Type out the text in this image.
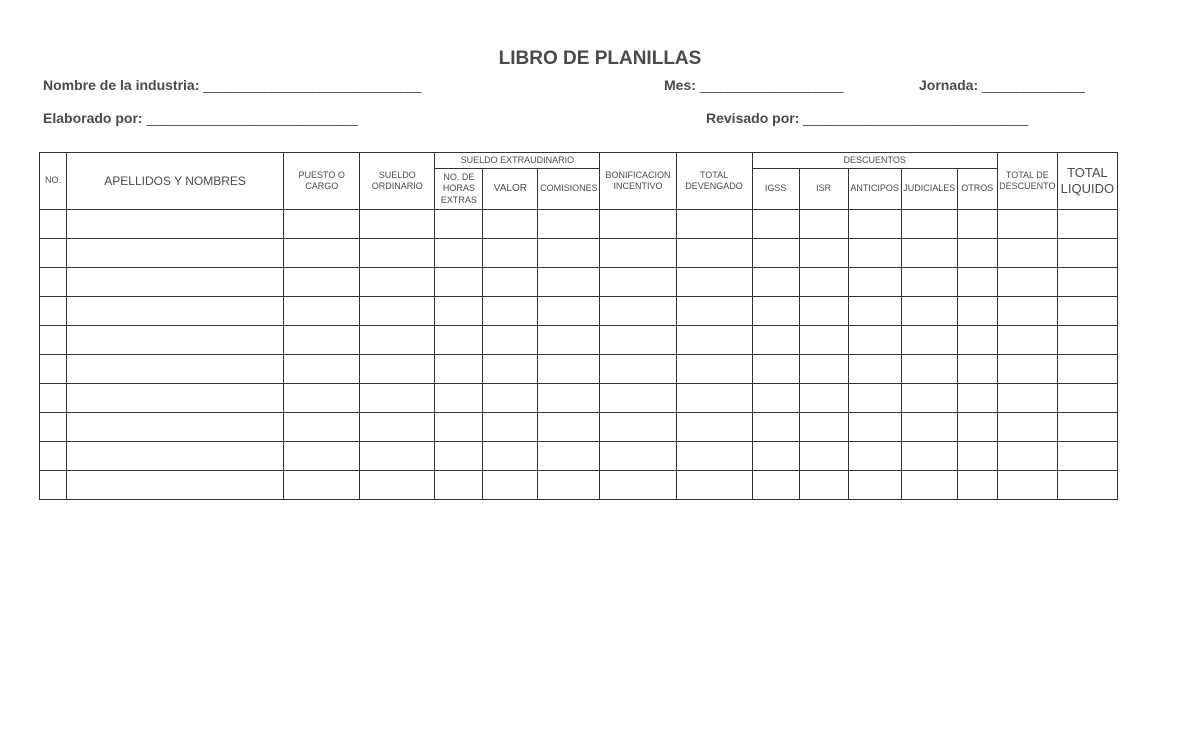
LIBRO DE PLANILLAS
Nombre de la industria: ________________________________	Mes: _____________________	Jornada: _______________
Elaborado por: _______________________________	Revisado por: _________________________________
NO.	APELLIDOS Y NOMBRES	PUESTO O CARGO	SUELDO ORDINARIO	SUELDO EXTRAUDINARIO			BONIFICACION INCENTIVO	TOTAL DEVENGADO	DESCUENTOS					TOTAL DE DESCUENTO	TOTAL LIQUIDO
				NO. DE HORAS EXTRAS	VALOR	COMISIONES			IGSS	ISR	ANTICIPOS	JUDICIALES	OTROS		
